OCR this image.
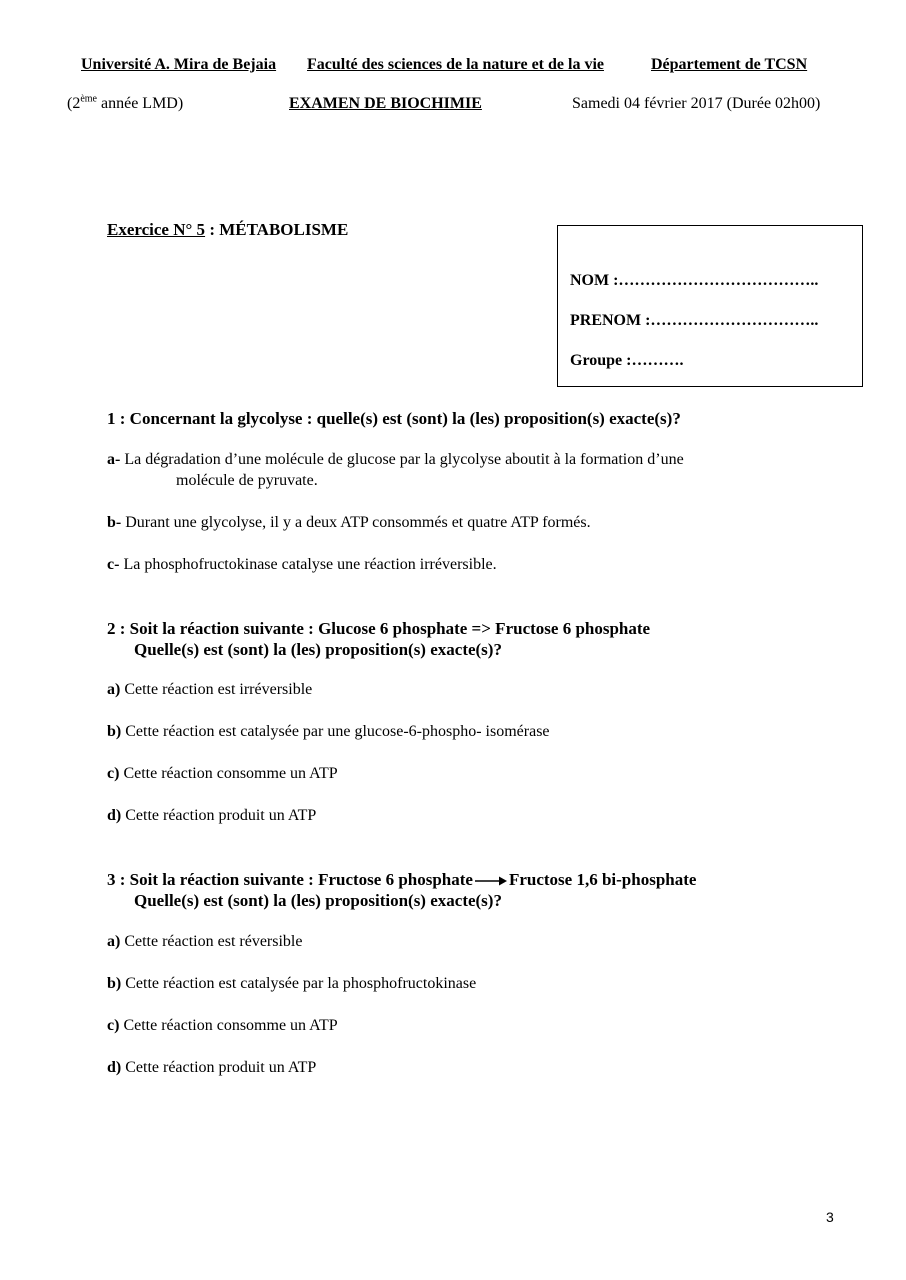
Université A. Mira de Bejaia Faculté des sciences de la nature et de la vie	Département de TCSN
(2ème année LMD)	EXAMEN DE BIOCHIMIE	Samedi 04 février 2017 (Durée 02h00)
Exercice N° 5 : MÉTABOLISME
NOM :………………………………..
PRENOM :…………………………..
Groupe :……….
1 : Concernant la glycolyse : quelle(s) est (sont) la (les) proposition(s) exacte(s)?
a- La dégradation d’une molécule de glucose par la glycolyse aboutit à la formation d’une
molécule de pyruvate.
b- Durant une glycolyse, il y a deux ATP consommés et quatre ATP formés.
c- La phosphofructokinase catalyse une réaction irréversible.
2 : Soit la réaction suivante : Glucose 6 phosphate => Fructose 6 phosphate
Quelle(s) est (sont) la (les) proposition(s) exacte(s)?
a) Cette réaction est irréversible
b) Cette réaction est catalysée par une glucose-6-phospho- isomérase
c) Cette réaction consomme un ATP
d) Cette réaction produit un ATP
3 : Soit la réaction suivante : Fructose 6 phosphate Fructose 1,6 bi-phosphate
Quelle(s) est (sont) la (les) proposition(s) exacte(s)?
a) Cette réaction est réversible
b) Cette réaction est catalysée par la phosphofructokinase
c) Cette réaction consomme un ATP
d) Cette réaction produit un ATP
3
